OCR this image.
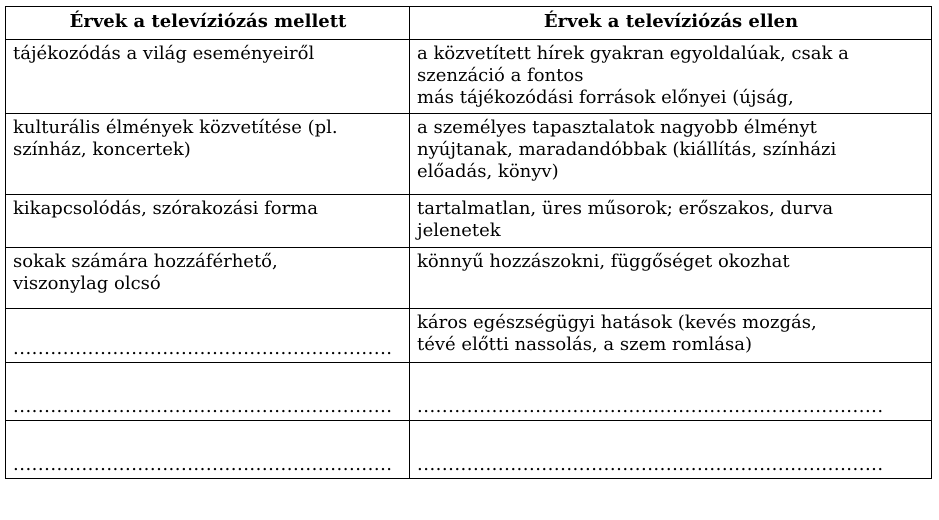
Érvek a televíziózás mellett	Érvek a televíziózás ellen

tájékozódás a világ eseményeiről	a közvetített hírek gyakran egyoldalúak, csak a
szenzáció a fontos
más tájékozódási források előnyei (újság,

kulturális élmények közvetítése (pl.
színház, koncertek)	a személyes tapasztalatok nagyobb élményt
nyújtanak, maradandóbbak (kiállítás, színházi
előadás, könyv)

kikapcsolódás, szórakozási forma	tartalmatlan, üres műsorok; erőszakos, durva
jelenetek

sokak számára hozzáférhető,
viszonylag olcsó	könnyű hozzászokni, függőséget okozhat

.............................................................	káros egészségügyi hatások (kevés mozgás,
tévé előtti nassolás, a szem romlása)

.............................................................	...........................................................................

.............................................................	...........................................................................
